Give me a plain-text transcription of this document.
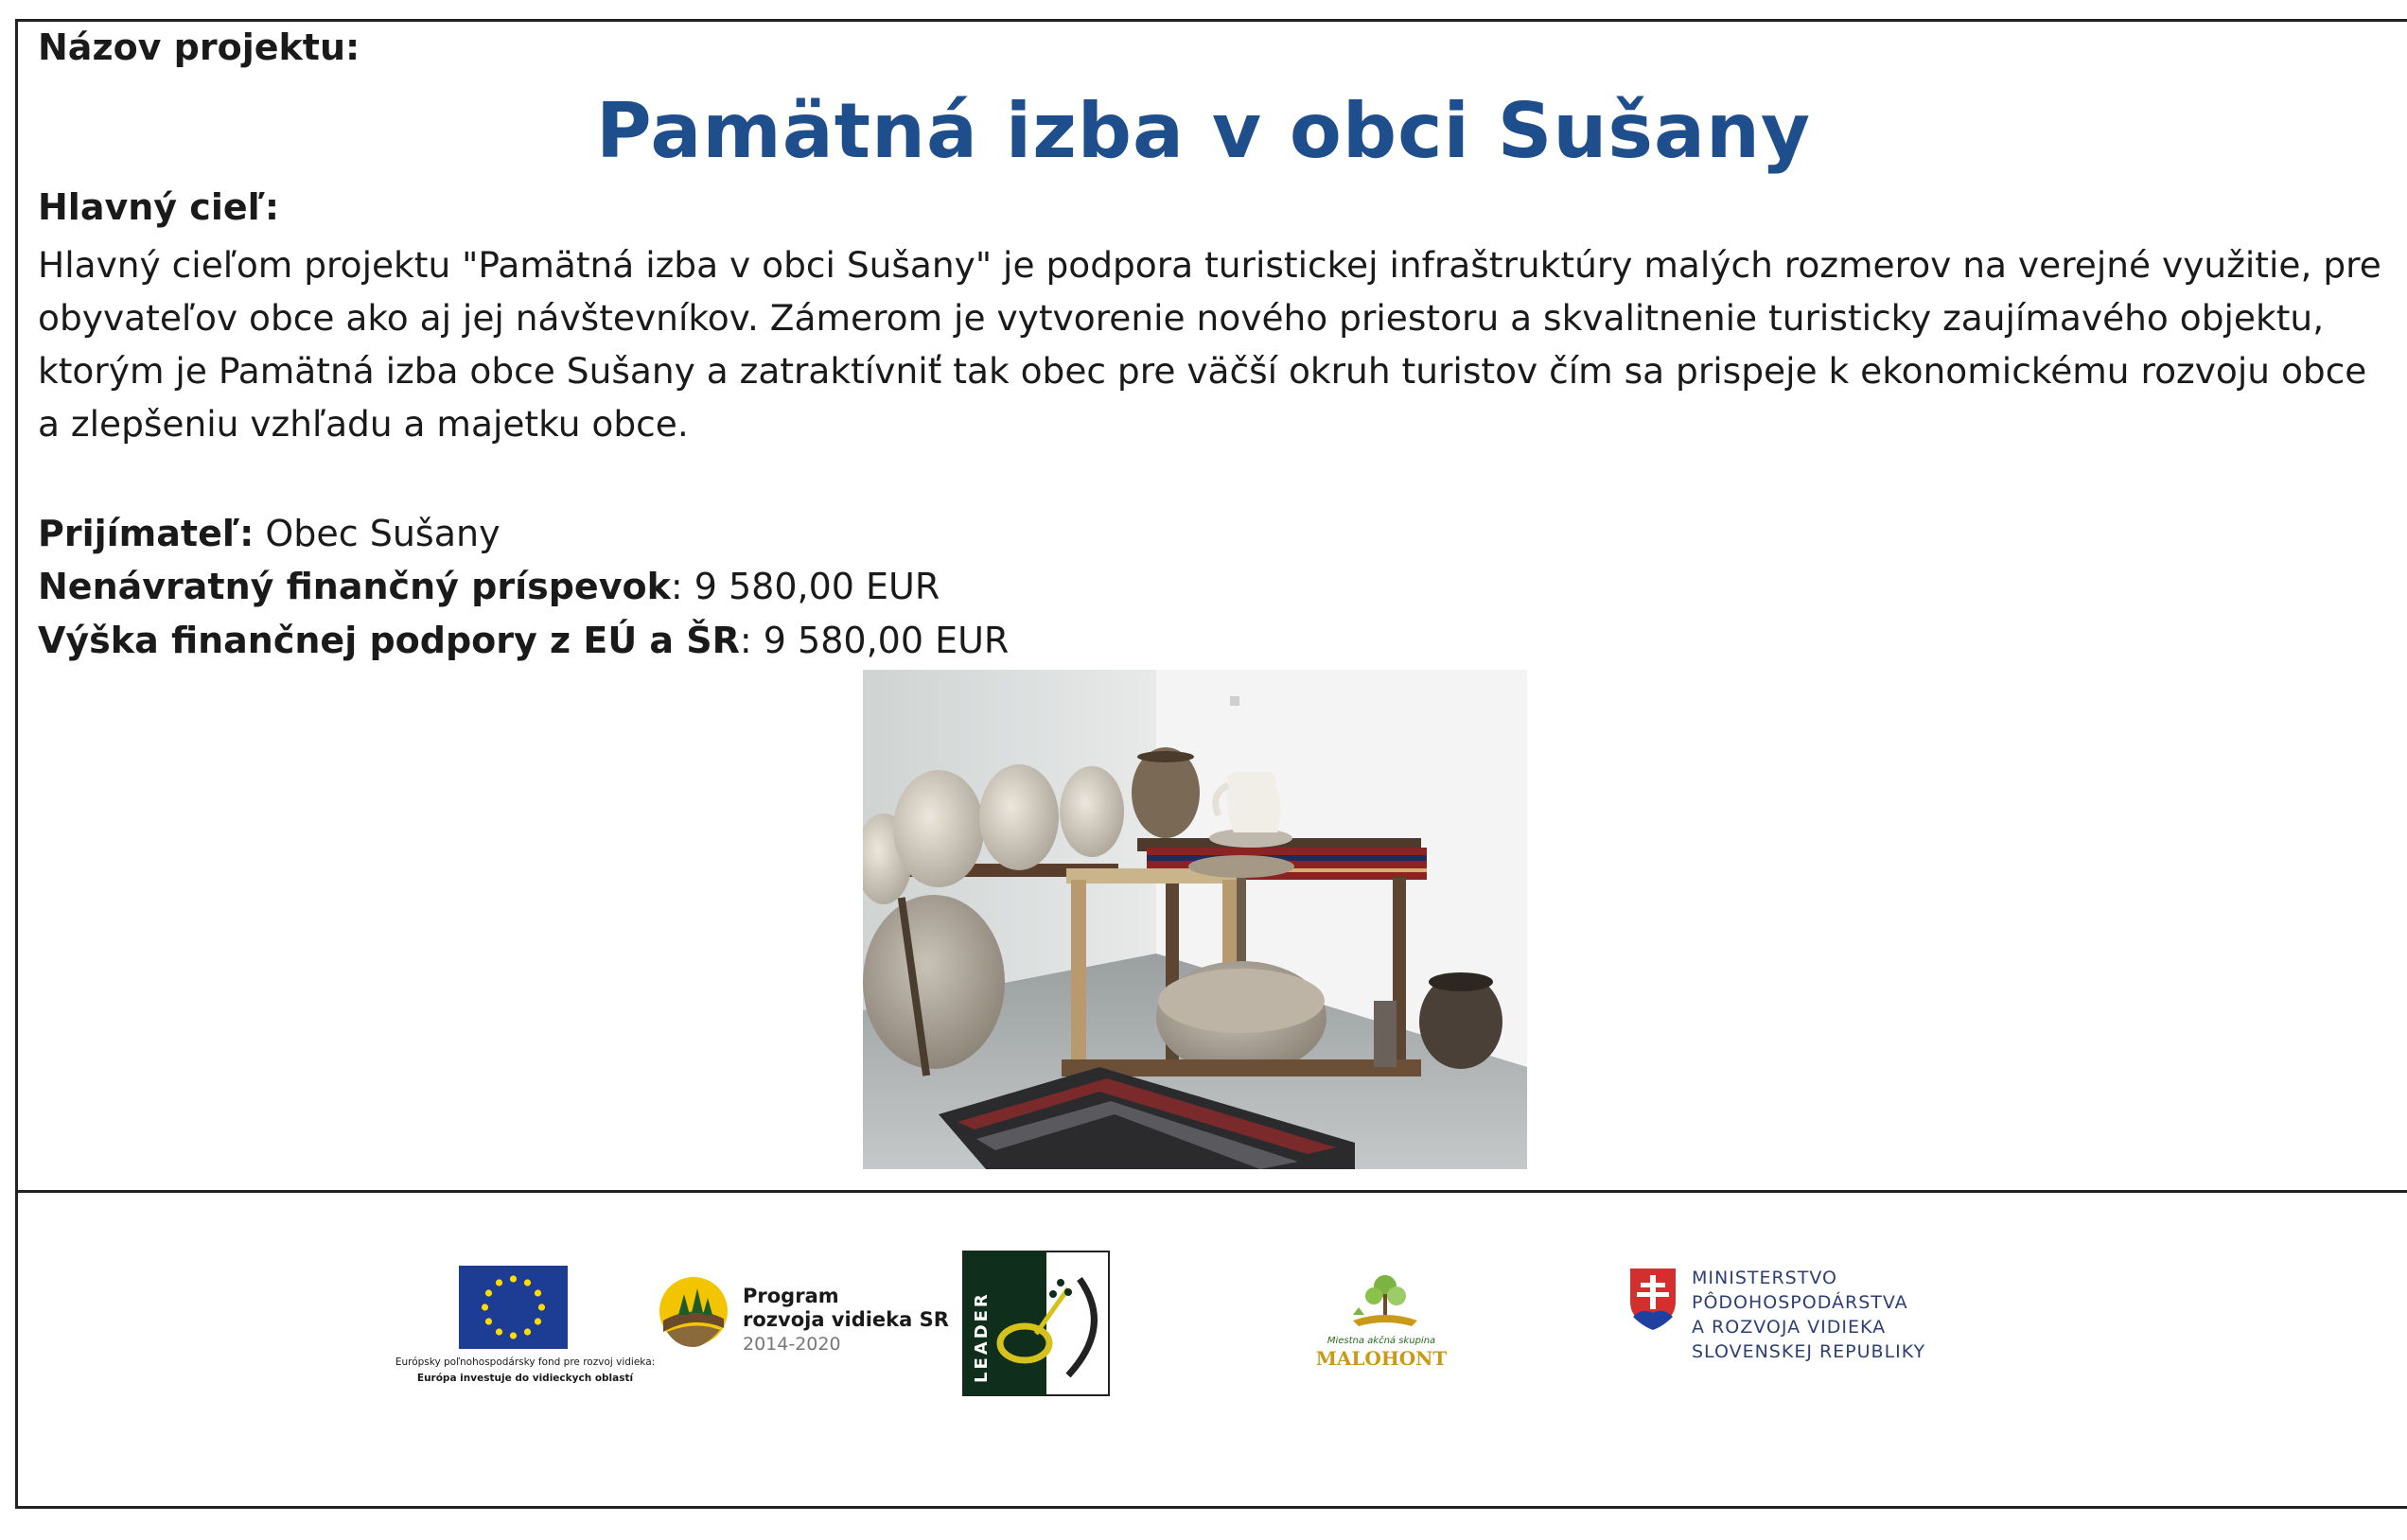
Názov projektu:
Pamätná izba v obci Sušany
Hlavný cieľ:
Hlavný cieľom projektu "Pamätná izba v obci Sušany" je podpora turistickej infraštruktúry malých rozmerov na verejné využitie, pre obyvateľov obce ako aj jej návštevníkov. Zámerom je vytvorenie nového priestoru a skvalitnenie turisticky zaujímavého objektu, ktorým je Pamätná izba obce Sušany a zatraktívniť tak obec pre väčší okruh turistov čím sa prispeje k ekonomickému rozvoju obce a zlepšeniu vzhľadu a majetku obce.
Prijímateľ: Obec Sušany
Nenávratný finančný príspevok: 9 580,00 EUR
Výška finančnej podpory z EÚ a ŠR: 9 580,00 EUR
Európsky poľnohospodársky fond pre rozvoj vidieka:
Európa investuje do vidieckych oblastí
Program
rozvoja vidieka SR
2014-2020	LEADER	Miestna akčná skupina
MALOHONT
MINISTERSTVO
PÔDOHOSPODÁRSTVA
A ROZVOJA VIDIEKA
SLOVENSKEJ REPUBLIKY
